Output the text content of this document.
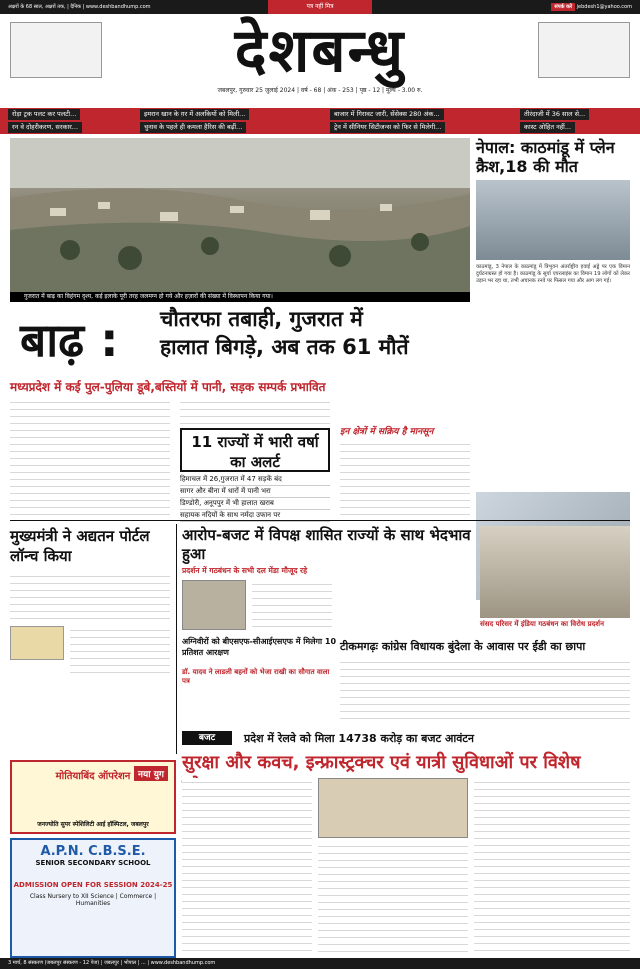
अक्षरों के 68 साल, अक्षरों तक, | दैनिक | www.deshbandhump.com	पत्र नहीं मित्र	संपर्क करें jebdesh1@yahoo.com
देशबन्धु
जबलपुर, गुरुवार 25 जुलाई 2024 | वर्ष - 68 | अंक - 253 | पृष्ठ - 12 | मूल्य - 3.00 रु.
रोड़ा ट्रक पलट कर पलटी...
रन वे दोहरीकरण, सरकार...
इमरान खान के ग़र में अलकियों को मिली...
चुनाव के पहले ही कमला हैरिस की बढ़ीं...
बाजार में गिरावट जारी, सेंसेक्स 280 अंक...
ट्रेन में सीनियर सिटीजन्स को फिर से मिलेगी...
तीरंदाजी में 36 साल से...
कास्ट ओहित नहीं...
गुजरात में बाढ़ का विहंगम दृश्य, कई इलाके पूरी तरह जलमग्न हो गये और हज़ारों की संख्या में विस्थापन किया गया।
नेपाल: काठमांडू में प्लेन क्रैश,18 की मौत

काठमांडू, 3 नेपाल के काठमांडू में त्रिभुवन अंतर्राष्ट्रीय हवाई अड्डे पर एक विमान दुर्घटनाग्रस्त हो गया है। काठमांडू के सूर्या एयरलाइंस का विमान 19 लोगों को लेकर उड़ान भर रहा था, तभी अचानक रनवे पर फिसल गया और आग लग गई।

बाढ़ : चौतरफा तबाही, गुजरात में
हालात बिगड़े, अब तक 61 मौतें
मध्यप्रदेश में कई पुल-पुलिया डूबे,बस्तियों में पानी, सड़क सम्पर्क प्रभावित
11 राज्यों में भारी वर्षा का अलर्ट
हिमाचल में 26,गुजरात में 47 सड़कें बंद
सागर और बीना में धारों में पानी भरा
डिण्डोरी, अनूपपुर में भी हालात खराब
सहायक नदियों के साथ नर्मदा उफान पर
इन क्षेत्रों में सक्रिय है मानसून
मुख्यमंत्री ने अद्यतन पोर्टल लॉन्च किया
आरोप-बजट में विपक्ष शासित राज्यों के साथ भेदभाव हुआ
प्रदर्शन में गठबंधन के सभी दल मेंडा मौजूद रहे
अग्निवीरों को बीएसएफ-सीआईएसएफ में मिलेगा 10 प्रतिशत आरक्षण
डॉ. यादव ने लाडली बहनों को भेजा राखी का सौगात वाला पत्र
संसद परिसर में इंडिया गठबंधन का विरोध प्रदर्शन
टीकमगढ़ः कांग्रेस विधायक बुंदेला के आवास पर ईडी का छापा
बजट	प्रदेश में रेलवे को मिला 14738 करोड़ का बजट आवंटन
सुरक्षा और कवच, इन्फ्रास्ट्रक्चर एवं यात्री सुविधाओं पर विशेष
मोतियाबिंद ऑपरेशन नया युग
जनज्योति सुपर स्पेशिलिटी आई हॉस्पिटल, जबलपुर
A.P.N. C.B.S.E.
SENIOR SECONDARY SCHOOL
ADMISSION OPEN FOR SESSION 2024-25
Class Nursery to XII Science | Commerce | Humanities
3 मार्च, 8 संस्करण (जबलपुर संस्करण - 12 पेज) | जबलपुर | भोपाल | ... | www.deshbandhump.com
